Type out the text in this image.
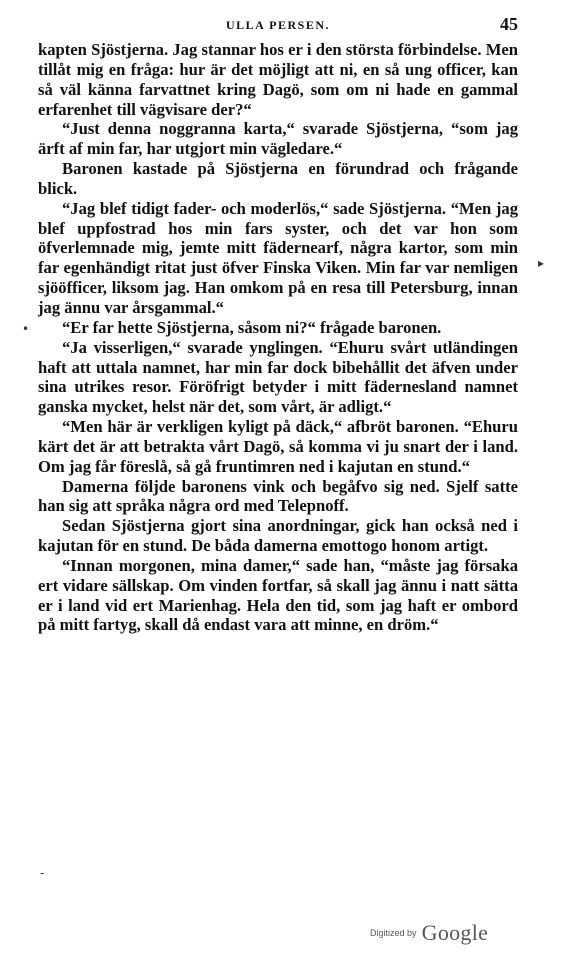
ULLA PERSEN.	45

kapten Sjöstjerna. Jag stannar hos er i den största förbindelse. Men tillåt mig en fråga: hur är det möjligt att ni, en så ung officer, kan så väl känna farvattnet kring Dagö, som om ni hade en gammal erfarenhet till vägvisare der?“

“Just denna noggranna karta,“ svarade Sjöstjerna, “som jag ärft af min far, har utgjort min vägledare.“

Baronen kastade på Sjöstjerna en förundrad och frågande blick.

“Jag blef tidigt fader- och moderlös,“ sade Sjöstjerna. “Men jag blef uppfostrad hos min fars syster, och det var hon som öfverlemnade mig, jemte mitt fädernearf, några kartor, som min far egenhändigt ritat just öfver Finska Viken. Min far var nemligen sjööfficer, liksom jag. Han omkom på en resa till Petersburg, innan jag ännu var årsgammal.“

“Er far hette Sjöstjerna, såsom ni?“ frågade baronen.

“Ja visserligen,“ svarade ynglingen. “Ehuru svårt utländingen haft att uttala namnet, har min far dock bibehållit det äfven under sina utrikes resor. Föröfrigt betyder i mitt fädernesland namnet ganska mycket, helst när det, som vårt, är adligt.“

“Men här är verkligen kyligt på däck,“ afbröt baronen. “Ehuru kärt det är att betrakta vårt Dagö, så komma vi ju snart der i land. Om jag får föreslå, så gå fruntimren ned i kajutan en stund.“

Damerna följde baronens vink och begåfvo sig ned. Sjelf satte han sig att språka några ord med Telepnoff.

Sedan Sjöstjerna gjort sina anordningar, gick han också ned i kajutan för en stund. De båda damerna emottogo honom artigt.

“Innan morgonen, mina damer,“ sade han, “måste jag försaka ert vidare sällskap. Om vinden fortfar, så skall jag ännu i natt sätta er i land vid ert Marienhag. Hela den tid, som jag haft er ombord på mitt fartyg, skall då endast vara att minne, en dröm.“

▸
•
-
Digitized by Google
